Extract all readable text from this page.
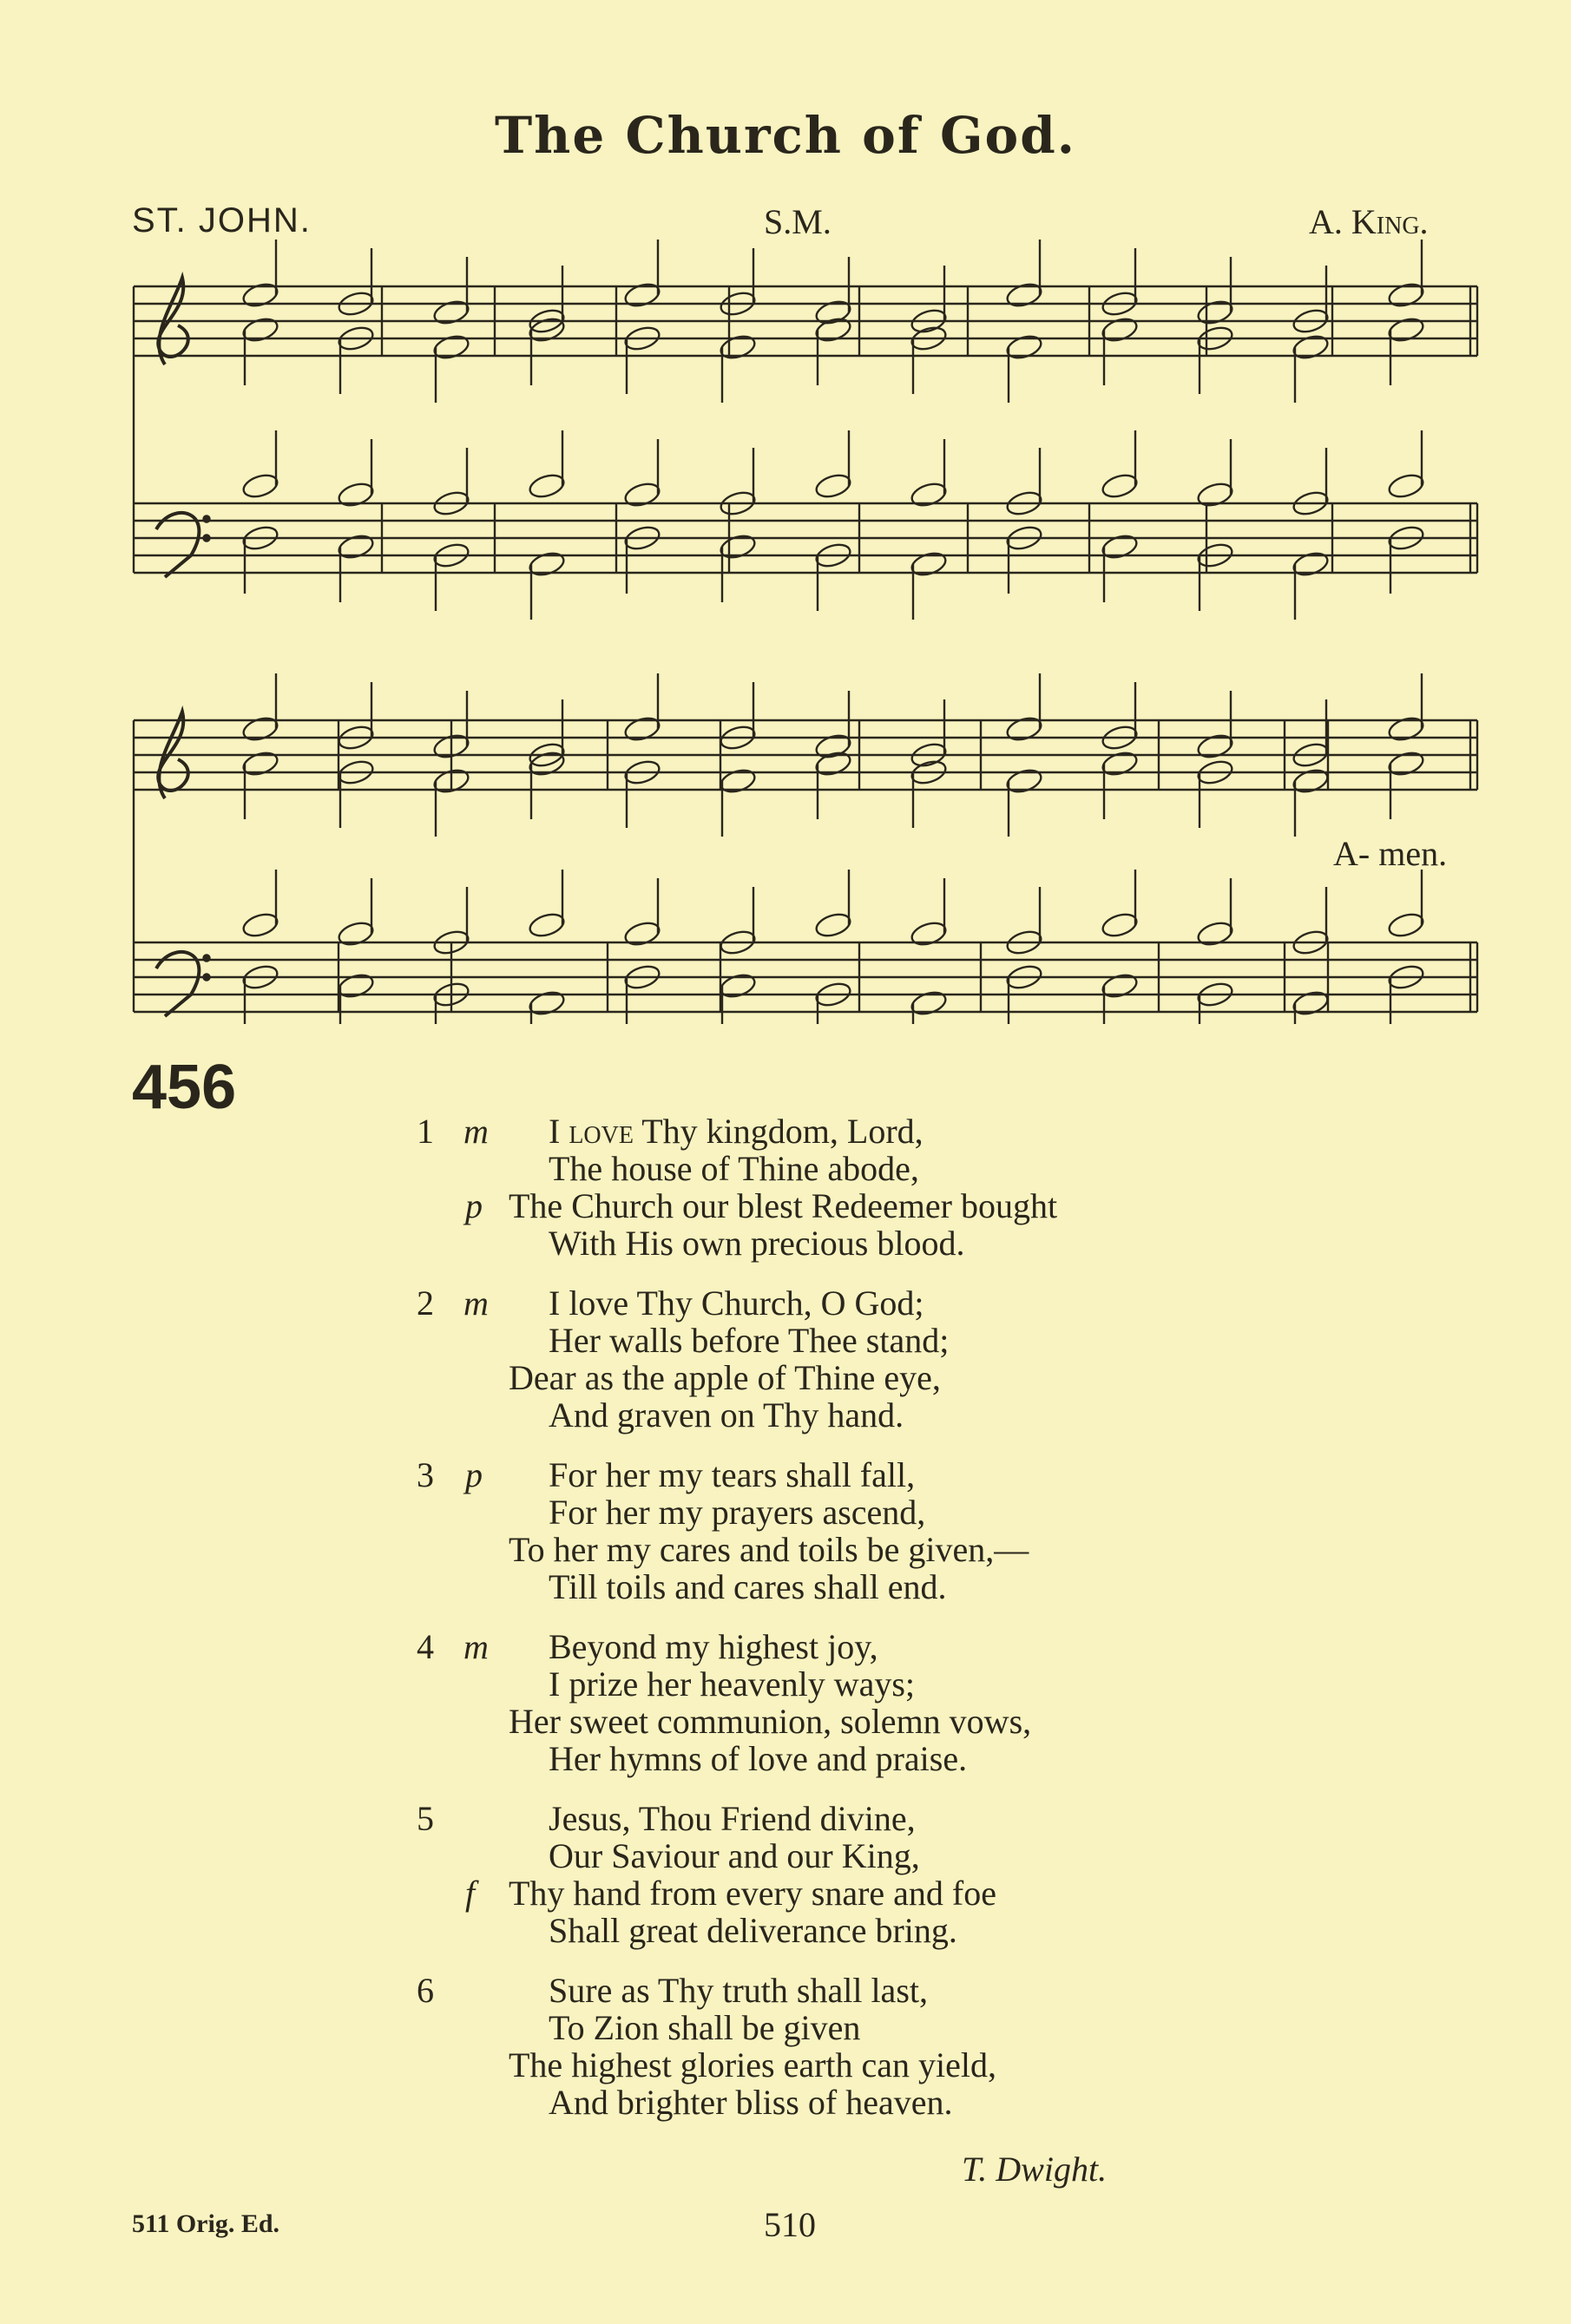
The Church of God.
ST. JOHN.	S.M.	A. King.
A- men.
456
1 m I love Thy kingdom, Lord,
The house of Thine abode,
p The Church our blest Redeemer bought
With His own precious blood.
2 m I love Thy Church, O God;
Her walls before Thee stand;
Dear as the apple of Thine eye,
And graven on Thy hand.
3 p For her my tears shall fall,
For her my prayers ascend,
To her my cares and toils be given,—
Till toils and cares shall end.
4 m Beyond my highest joy,
I prize her heavenly ways;
Her sweet communion, solemn vows,
Her hymns of love and praise.
5	Jesus, Thou Friend divine,
Our Saviour and our King,
f Thy hand from every snare and foe
Shall great deliverance bring.
6	Sure as Thy truth shall last,
To Zion shall be given
The highest glories earth can yield,
And brighter bliss of heaven.
T. Dwight.
511 Orig. Ed.	510
